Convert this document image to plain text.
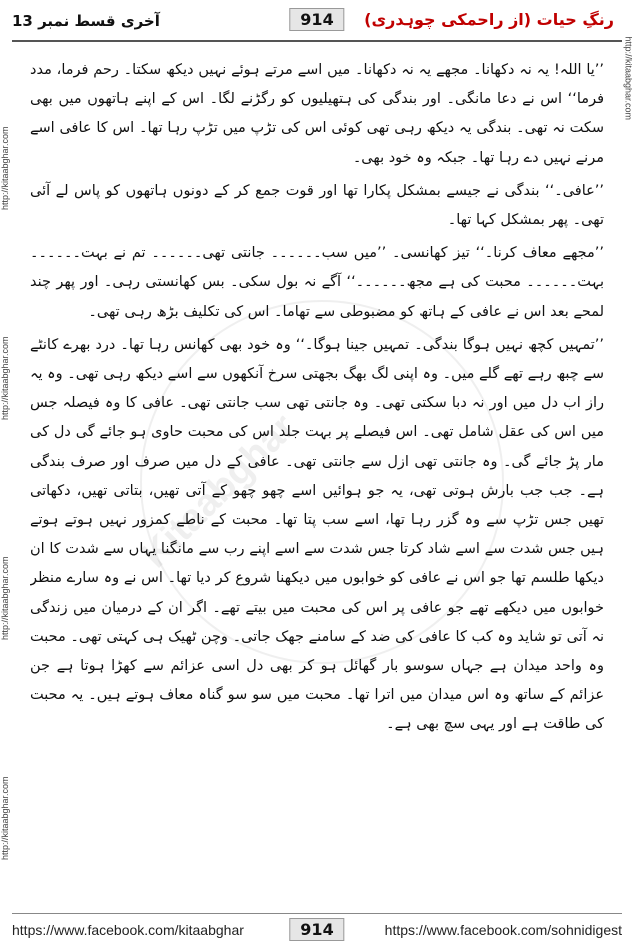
آخری قسط نمبر 13	914	رنگِ حیات (از راحمکی چوہدری)
http://kitaabghar.com
http://kitaabghar.com
http://kitaabghar.com
http://kitaabghar.com
http://kitaabghar.com
Kitaabghar

’’یا اللہ! یہ نہ دکھانا۔ مجھے یہ نہ دکھانا۔ میں اسے مرتے ہوئے نہیں دیکھ سکتا۔ رحم فرما، مدد فرما‘‘ اس نے دعا مانگی۔ اور بندگی کی ہتھیلیوں کو رگڑنے لگا۔ اس کے اپنے ہاتھوں میں بھی سکت نہ تھی۔ بندگی یہ دیکھ رہی تھی کوئی اس کی تڑپ میں تڑپ رہا تھا۔ اس کا عافی اسے مرنے نہیں دے رہا تھا۔ جبکہ وہ خود بھی۔

’’عافی۔‘‘ بندگی نے جیسے بمشکل پکارا تھا اور قوت جمع کر کے دونوں ہاتھوں کو پاس لے آئی تھی۔ پھر بمشکل کہا تھا۔

’’مجھے معاف کرنا۔‘‘ تیز کھانسی۔ ’’میں سب۔۔۔۔۔۔ جانتی تھی۔۔۔۔۔۔ تم نے بہت۔۔۔۔۔۔ بہت۔۔۔۔۔۔ محبت کی ہے مجھ۔۔۔۔۔۔‘‘ آگے نہ بول سکی۔ بس کھانستی رہی۔ اور پھر چند لمحے بعد اس نے عافی کے ہاتھ کو مضبوطی سے تھاما۔ اس کی تکلیف بڑھ رہی تھی۔

’’تمہیں کچھ نہیں ہوگا بندگی۔ تمہیں جینا ہوگا۔‘‘ وہ خود بھی کھانس رہا تھا۔ درد بھرے کانٹے سے چبھ رہے تھے گلے میں۔ وہ اپنی لگ بھگ بجھتی سرخ آنکھوں سے اسے دیکھ رہی تھی۔ وہ یہ راز اب دل میں اور نہ دبا سکتی تھی۔ وہ جانتی تھی سب جانتی تھی۔ عافی کا وہ فیصلہ جس میں اس کی عقل شامل تھی۔ اس فیصلے پر بہت جلد اس کی محبت حاوی ہو جائے گی دل کی مار پڑ جائے گی۔ وہ جانتی تھی ازل سے جانتی تھی۔ عافی کے دل میں صرف اور صرف بندگی ہے۔ جب جب بارش ہوتی تھی، یہ جو ہوائیں اسے چھو چھو کے آتی تھیں، بتاتی تھیں، دکھاتی تھیں جس تڑپ سے وہ گزر رہا تھا، اسے سب پتا تھا۔ محبت کے ناطے کمزور نہیں ہوتے ہوتے ہیں جس شدت سے اسے شاد کرتا جس شدت سے اسے اپنے رب سے مانگنا یہاں سے شدت کا ان دیکھا طلسم تھا جو اس نے عافی کو خوابوں میں دیکھنا شروع کر دیا تھا۔ اس نے وہ سارے منظر خوابوں میں دیکھے تھے جو عافی پر اس کی محبت میں بیتے تھے۔ اگر ان کے درمیان میں زندگی نہ آتی تو شاید وہ کب کا عافی کی ضد کے سامنے جھک جاتی۔ وچن ٹھیک ہی کہتی تھی۔ محبت وہ واحد میدان ہے جہاں سوسو بار گھائل ہو کر بھی دل اسی عزائم سے کھڑا ہوتا ہے جن عزائم کے ساتھ وہ اس میدان میں اترا تھا۔ محبت میں سو سو گناہ معاف ہوتے ہیں۔ یہ محبت کی طاقت ہے اور یہی سچ بھی ہے۔

https://www.facebook.com/kitaabghar	914	https://www.facebook.com/sohnidigest
